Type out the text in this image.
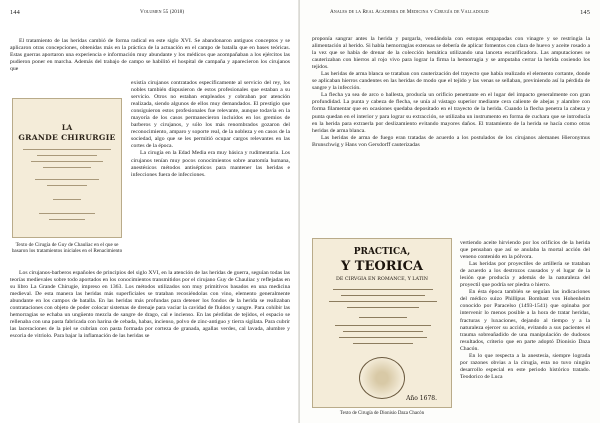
144	Volumen 55 (2018)

El tratamiento de las heridas cambió de forma radical en este siglo XVI. Se abandonaron antiguos conceptos y se aplicaron otras concepciones, obtenidas más en la práctica de la actuación en el campo de batalla que en bases teóricas. Estas guerras aportaron una experiencia e información muy abundante y los médicos que acompañaban a los ejércitos las pudieron poner en marcha. Además del trabajo de campo se habilitó el hospital de campaña y aparecieron los cirujanos que

LA
GRANDE CHIRURGIE
Texto de Cirugía de Guy de Chauliac en el que se basaron los tratamientos iniciales en el Renacimiento

existía cirujanos contratados específicamente al servicio del rey, los nobles también dispusieron de estos profesionales que estaban a su servicio. Otros no estaban empleados y cobraban por atención realizada, siendo algunos de ellos muy demandados. El prestigio que consiguieron estos profesionales fue relevante, aunque todavía en la mayoría de los casos permanecieron incluidos en los gremios de barberos y cirujanos, y sólo los más renombrados gozaron del reconocimiento, amparo y soporte real, de la nobleza y en casos de la sociedad, algo que se les permitió ocupar cargos relevantes en las cortes de la época.

La cirugía en la Edad Media era muy básica y rudimentaria. Los cirujanos tenían muy pocos conocimientos sobre anatomía humana, anestésicos métodos antisépticos para mantener las heridas e infecciones fuera de infecciones.

Los cirujanos-barberos españoles de principios del siglo XVI, en la atención de las heridas de guerra, seguían todas las teorías medievales sobre todo aportados en los conocimientos transmitidos por el cirujano Guy de Chauliac y reflejadas en su libro La Grande Chirugie, impreso en 1363. Los métodos utilizados son muy primitivos basados en una medicina medieval. De esta manera las heridas más superficiales se trataban recosiéndolas con vino, elemento generalmente abundante en los campos de batalla. En las heridas más profundas para detener los fondos de la herida se realizaban contrataciones con objeto de poder colocar sistemas de drenaje para vaciar la cavidad de fluidos y sangre. Para cohibir las hemorragias se echaba un ungüento mezcla de sangre de drago, cal e incienso. En las pérdidas de tejidos, el espacio se rellenaba con una pasta fabricada con harina de cebada, habas, incienso, polvo de zinc-antiguo y tierra sigilata. Para cubrir las laceraciones de la piel se cubrían con pasta formada por corteza de granada, agallas verdes, cal lavada, alumbre y escoria de vitriolo. Para bajar la inflamación de las heridas se

Anales de la Real Academia de Medicina y Cirugía de Valladolid	145

proponía sangrar antes la herida y purgarla, vendándola con estopas empapadas con vinagre y se restringía la alimentación al herido. Si había hemorragias extensas se debería de aplicar fomentos con clara de huevo y aceite rosado a la vez que se había de drenar de la colección hemática utilizando una lanceta escarificadora. Las amputaciones se cauterizaban con hierros al rojo vivo para lograr la firma la hemorragia y se amputaba cerrar la herida cosiendo los tejidos.

Las heridas de arma blanca se trataban con cauterización del trayecto que había realizado el elemento cortante, donde se aplicaban hierros candentes en las heridas de modo que el tejido y las venas se sellaban, previniendo así la pérdida de sangre y la infección.

La flecha ya sea de arco o ballesta, producía un orificio penetrante en el lugar del impacto generalmente con gran profundidad. La punta y cabeza de flecha, se unía al vástago superior mediante cera caliente de abejas y alambre con forma filamentar que en ocasiones quedaba depositado en el trayecto de la herida. Cuando la flecha penetra la cabeza y punta quedan en el interior y para lograr su extracción, se utilizaba un instrumento en forma de cuchara que se introducía en la herida para extraerla por deslizamiento evitando mayores daños. El tratamiento de la herida se hacía como otras heridas de arma blanca.

Las heridas de arma de fuego eran tratadas de acuerdo a los postulados de los cirujanos alemanes Hieronymus Brunschwig y Hans von Gersdorff cauterizadas

PRACTICA,
Y TEORICA
DE CIRVGIA EN ROMANCE, Y LATIN
Año 1678.
Texto de Cirugía de Dionisio Daza Chacón

vertiendo aceite hirviendo por los orificios de la herida que pensaban que así se anulaba la mortal acción del veneno contenido en la pólvora.

Las heridas por proyectiles de artillería se trataban de acuerdo a los destrozos causados y el lugar de la lesión que producía y además de la naturaleza del proyectil que podría ser piedra o hierro.

En ésta época también se seguían las indicaciones del médico suizo Phillipus Bombast von Hohenheim conocido por Paracelso (1493-1541) que opinaba por intervenir lo menos posible a la hora de tratar heridas, fracturas y luxaciones, dejando al tiempo y a la naturaleza ejercer su acción, evitando a sus pacientes el trauma sobreañadido de una manipulación de dudosos resultados, criterio que en parte adoptó Dionisio Daza Chacón.

En lo que respecta a la anestesia, siempre lograda por razones obvias a la cirugía, esta no tuvo ningún desarrollo especial en este periodo histórico tratado. Teodorico de Luca
